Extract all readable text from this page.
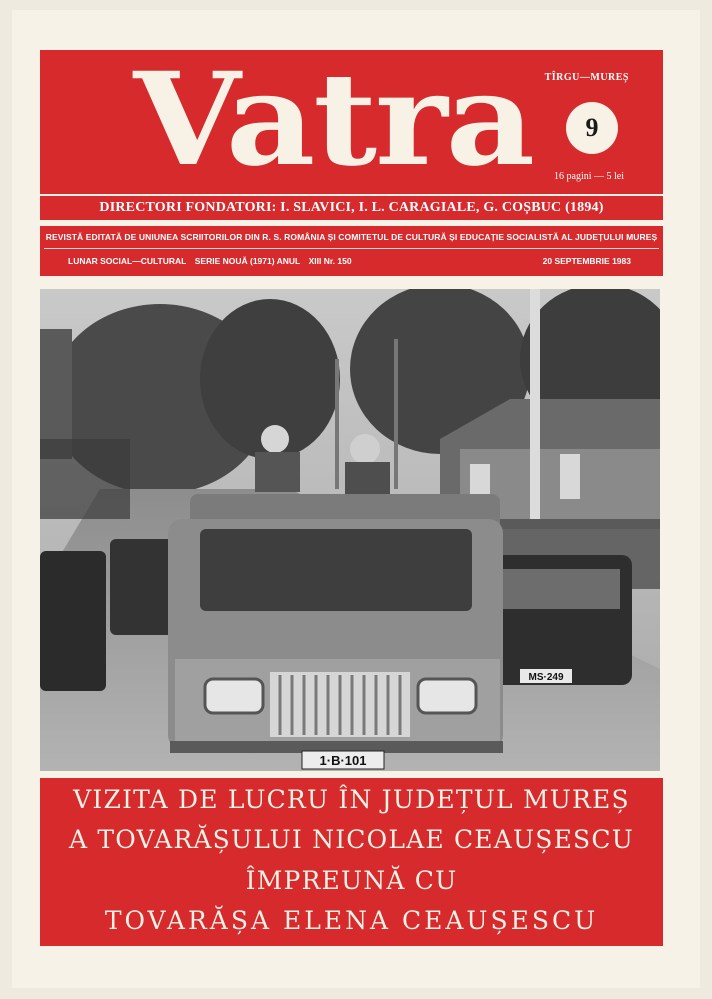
Vatra	TÎRGU—MUREȘ
9
16 pagini — 5 lei
DIRECTORI FONDATORI: I. SLAVICI, I. L. CARAGIALE, G. COȘBUC (1894)
REVISTĂ EDITATĂ DE UNIUNEA SCRIITORILOR DIN R. S. ROMÂNIA ȘI COMITETUL DE CULTURĂ ȘI EDUCAȚIE SOCIALISTĂ AL JUDEȚULUI MUREȘ
LUNAR SOCIAL—CULTURAL SERIE NOUĂ (1971) ANUL XIII Nr. 150	20 SEPTEMBRIE 1983
MS·249
1·B·101
VIZITA DE LUCRU ÎN JUDEȚUL MUREȘ
A TOVARĂȘULUI NICOLAE CEAUȘESCU
ÎMPREUNĂ CU
TOVARĂȘA ELENA CEAUȘESCU
